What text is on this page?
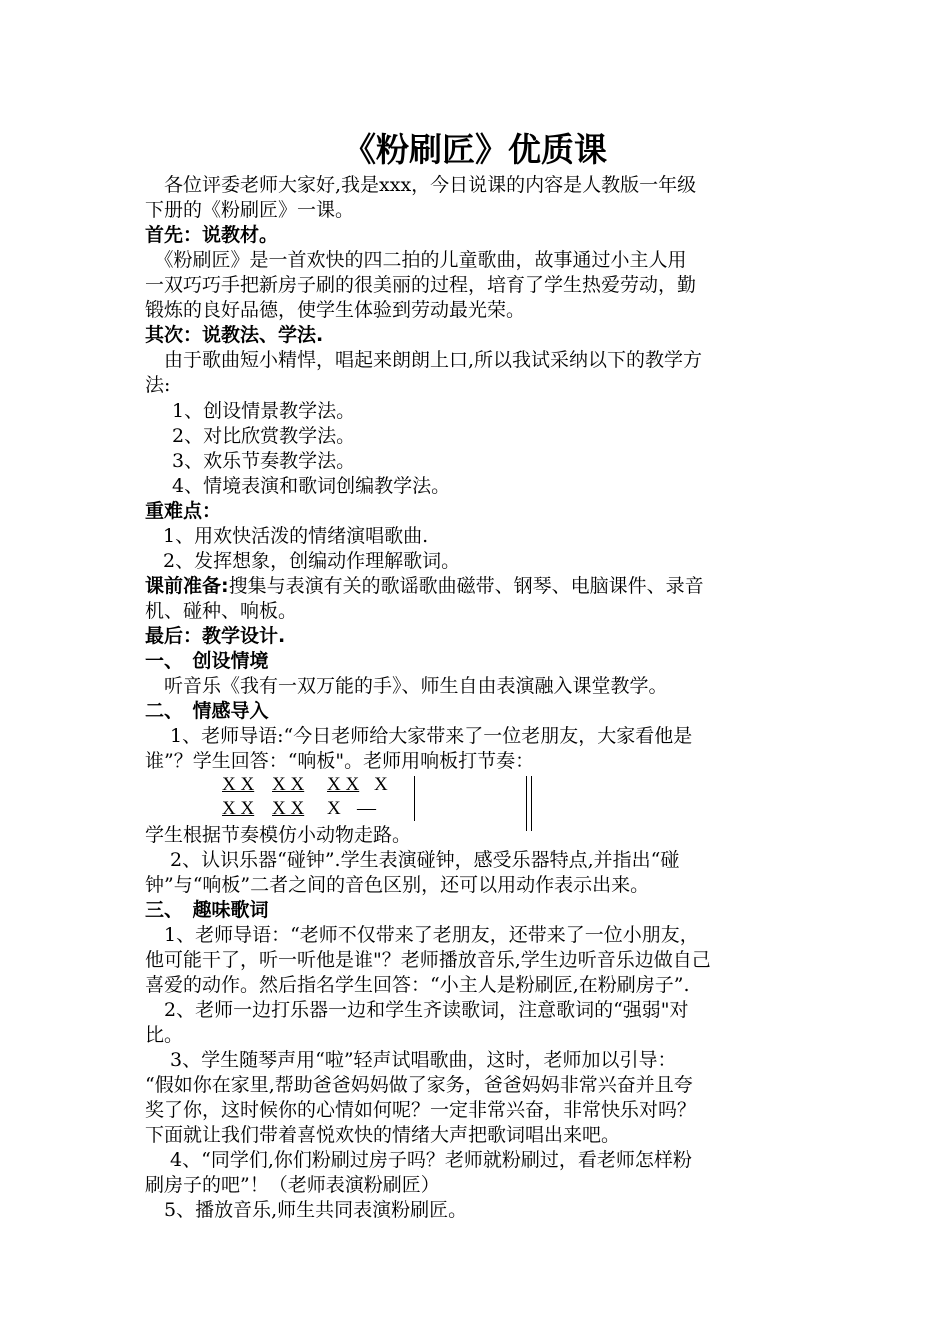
《粉刷匠》优质课
　各位评委老师大家好,我是xxx，今日说课的内容是人教版一年级
下册的《粉刷匠》一课。
首先：说教材。
　《粉刷匠》是一首欢快的四二拍的儿童歌曲，故事通过小主人用
一双巧巧手把新房子刷的很美丽的过程，培育了学生热爱劳动，勤
锻炼的良好品德，使学生体验到劳动最光荣。
其次：说教法、学法.
　由于歌曲短小精悍，唱起来朗朗上口,所以我试采纳以下的教学方
法:
1、创设情景教学法。
2、对比欣赏教学法。
3、欢乐节奏教学法。
4、情境表演和歌词创编教学法。
重难点：
1、用欢快活泼的情绪演唱歌曲.
2、发挥想象，创编动作理解歌词。
课前准备:搜集与表演有关的歌谣歌曲磁带、钢琴、电脑课件、录音
机、碰种、响板。
最后：教学设计.
一、　创设情境
　听音乐《我有一双万能的手》、师生自由表演融入课堂教学。
二、　情感导入
　 1、老师导语:“今日老师给大家带来了一位老朋友，大家看他是
谁”？学生回答：“响板"。老师用响板打节奏：
X X X X X X X
X X X X X —
学生根据节奏模仿小动物走路。
　 2、认识乐器“碰钟”.学生表演碰钟，感受乐器特点,并指出“碰
钟”与“响板”二者之间的音色区别，还可以用动作表示出来。
三、　趣味歌词
　1、老师导语：“老师不仅带来了老朋友，还带来了一位小朋友，
他可能干了，听一听他是谁"？老师播放音乐,学生边听音乐边做自己
喜爱的动作。然后指名学生回答：“小主人是粉刷匠,在粉刷房子”.
　2、老师一边打乐器一边和学生齐读歌词，注意歌词的“强弱"对
比。
　 3、学生随琴声用“啦”轻声试唱歌曲，这时，老师加以引导：
“假如你在家里,帮助爸爸妈妈做了家务，爸爸妈妈非常兴奋并且夸
奖了你，这时候你的心情如何呢？一定非常兴奋，非常快乐对吗？
下面就让我们带着喜悦欢快的情绪大声把歌词唱出来吧。
　 4、“同学们,你们粉刷过房子吗？老师就粉刷过，看老师怎样粉
刷房子的吧”！（老师表演粉刷匠）
　5、播放音乐,师生共同表演粉刷匠。
